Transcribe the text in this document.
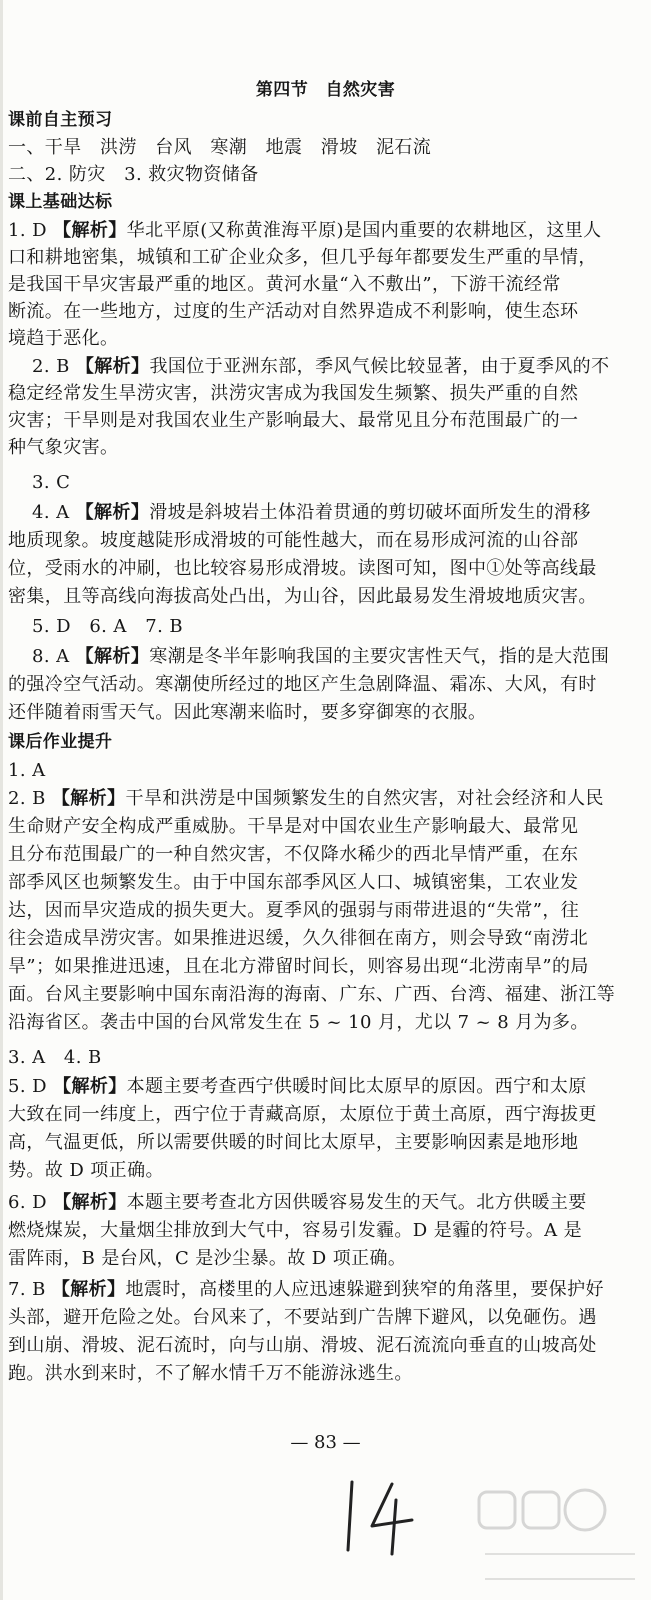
第四节　自然灾害
课前自主预习
一、干旱　洪涝　台风　寒潮　地震　滑坡　泥石流
二、2. 防灾　3. 救灾物资储备
课上基础达标
1. D 【解析】华北平原(又称黄淮海平原)是国内重要的农耕地区，这里人
口和耕地密集，城镇和工矿企业众多，但几乎每年都要发生严重的旱情，
是我国干旱灾害最严重的地区。黄河水量“入不敷出”，下游干流经常
断流。在一些地方，过度的生产活动对自然界造成不利影响，使生态环
境趋于恶化。
2. B 【解析】我国位于亚洲东部，季风气候比较显著，由于夏季风的不
稳定经常发生旱涝灾害，洪涝灾害成为我国发生频繁、损失严重的自然
灾害；干旱则是对我国农业生产影响最大、最常见且分布范围最广的一
种气象灾害。
3. C
4. A 【解析】滑坡是斜坡岩土体沿着贯通的剪切破坏面所发生的滑移
地质现象。坡度越陡形成滑坡的可能性越大，而在易形成河流的山谷部
位，受雨水的冲刷，也比较容易形成滑坡。读图可知，图中①处等高线最
密集，且等高线向海拔高处凸出，为山谷，因此最易发生滑坡地质灾害。
5. D　6. A　7. B
8. A 【解析】寒潮是冬半年影响我国的主要灾害性天气，指的是大范围
的强冷空气活动。寒潮使所经过的地区产生急剧降温、霜冻、大风，有时
还伴随着雨雪天气。因此寒潮来临时，要多穿御寒的衣服。
课后作业提升
1. A
2. B 【解析】干旱和洪涝是中国频繁发生的自然灾害，对社会经济和人民
生命财产安全构成严重威胁。干旱是对中国农业生产影响最大、最常见
且分布范围最广的一种自然灾害，不仅降水稀少的西北旱情严重，在东
部季风区也频繁发生。由于中国东部季风区人口、城镇密集，工农业发
达，因而旱灾造成的损失更大。夏季风的强弱与雨带进退的“失常”，往
往会造成旱涝灾害。如果推进迟缓，久久徘徊在南方，则会导致“南涝北
旱”；如果推进迅速，且在北方滞留时间长，则容易出现“北涝南旱”的局
面。台风主要影响中国东南沿海的海南、广东、广西、台湾、福建、浙江等
沿海省区。袭击中国的台风常发生在 5 ~ 10 月，尤以 7 ~ 8 月为多。
3. A　4. B
5. D 【解析】本题主要考查西宁供暖时间比太原早的原因。西宁和太原
大致在同一纬度上，西宁位于青藏高原，太原位于黄土高原，西宁海拔更
高，气温更低，所以需要供暖的时间比太原早，主要影响因素是地形地
势。故 D 项正确。
6. D 【解析】本题主要考查北方因供暖容易发生的天气。北方供暖主要
燃烧煤炭，大量烟尘排放到大气中，容易引发霾。D 是霾的符号。A 是
雷阵雨，B 是台风，C 是沙尘暴。故 D 项正确。
7. B 【解析】地震时，高楼里的人应迅速躲避到狭窄的角落里，要保护好
头部，避开危险之处。台风来了，不要站到广告牌下避风，以免砸伤。遇
到山崩、滑坡、泥石流时，向与山崩、滑坡、泥石流流向垂直的山坡高处
跑。洪水到来时，不了解水情千万不能游泳逃生。
— 83 —
